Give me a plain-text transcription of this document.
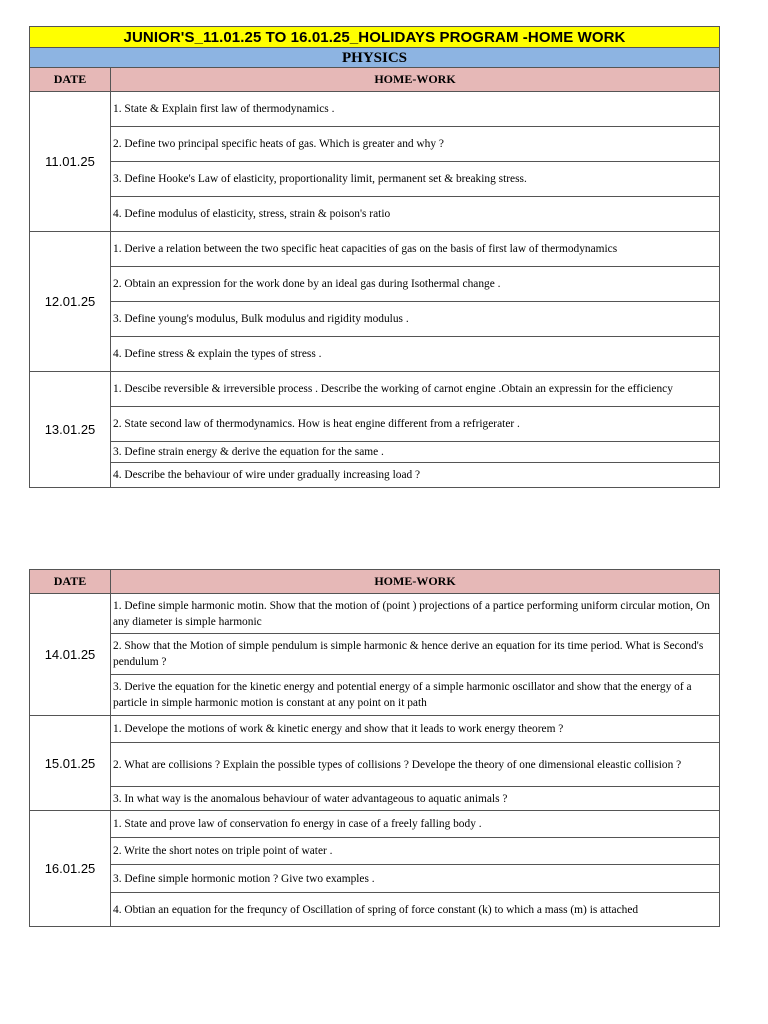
JUNIOR'S_11.01.25 TO 16.01.25_HOLIDAYS PROGRAM -HOME WORK	
PHYSICS	
DATE	HOME-WORK
11.01.25	1. State & Explain first law of thermodynamics .
	2. Define two principal specific heats of gas. Which is greater and why ?
	3. Define Hooke's Law of elasticity, proportionality limit, permanent set & breaking stress.
	4. Define modulus of elasticity, stress, strain & poison's ratio
12.01.25	1. Derive a relation between the two specific heat capacities of gas on the basis of first law of thermodynamics
	2. Obtain an expression for the work done by an ideal gas during Isothermal change .
	3. Define young's modulus, Bulk modulus and rigidity modulus .
	4. Define stress & explain the types of stress .
13.01.25	1. Descibe reversible & irreversible process . Describe the working of carnot engine .Obtain an expressin for the efficiency
	2. State second law of thermodynamics. How is heat engine different from a refrigerater .
	3. Define strain energy & derive the equation for the same .
	4. Describe the behaviour of wire under gradually increasing load ?
DATE	HOME-WORK
14.01.25	1. Define simple harmonic motin. Show that the motion of (point ) projections of a partice performing uniform circular motion, On any diameter is simple harmonic
	2. Show that the Motion of simple pendulum is simple harmonic & hence derive an equation for its time period. What is Second's pendulum ?
	3. Derive the equation for the kinetic energy and potential energy of a simple harmonic oscillator and show that the energy of a particle in simple harmonic motion is constant at any point on it path
15.01.25	1. Develope the motions of work & kinetic energy and show that it leads to work energy theorem ?
	2. What are collisions ? Explain the possible types of collisions ? Develope the theory of one dimensional eleastic collision ?
	3. In what way is the anomalous behaviour of water advantageous to aquatic animals ?
16.01.25	1. State and prove law of conservation fo energy in case of a freely falling body .
	2. Write the short notes on triple point of water .
	3. Define simple hormonic motion ? Give two examples .
	4. Obtian an equation for the frequncy of Oscillation of spring of force constant (k) to which a mass (m) is attached
